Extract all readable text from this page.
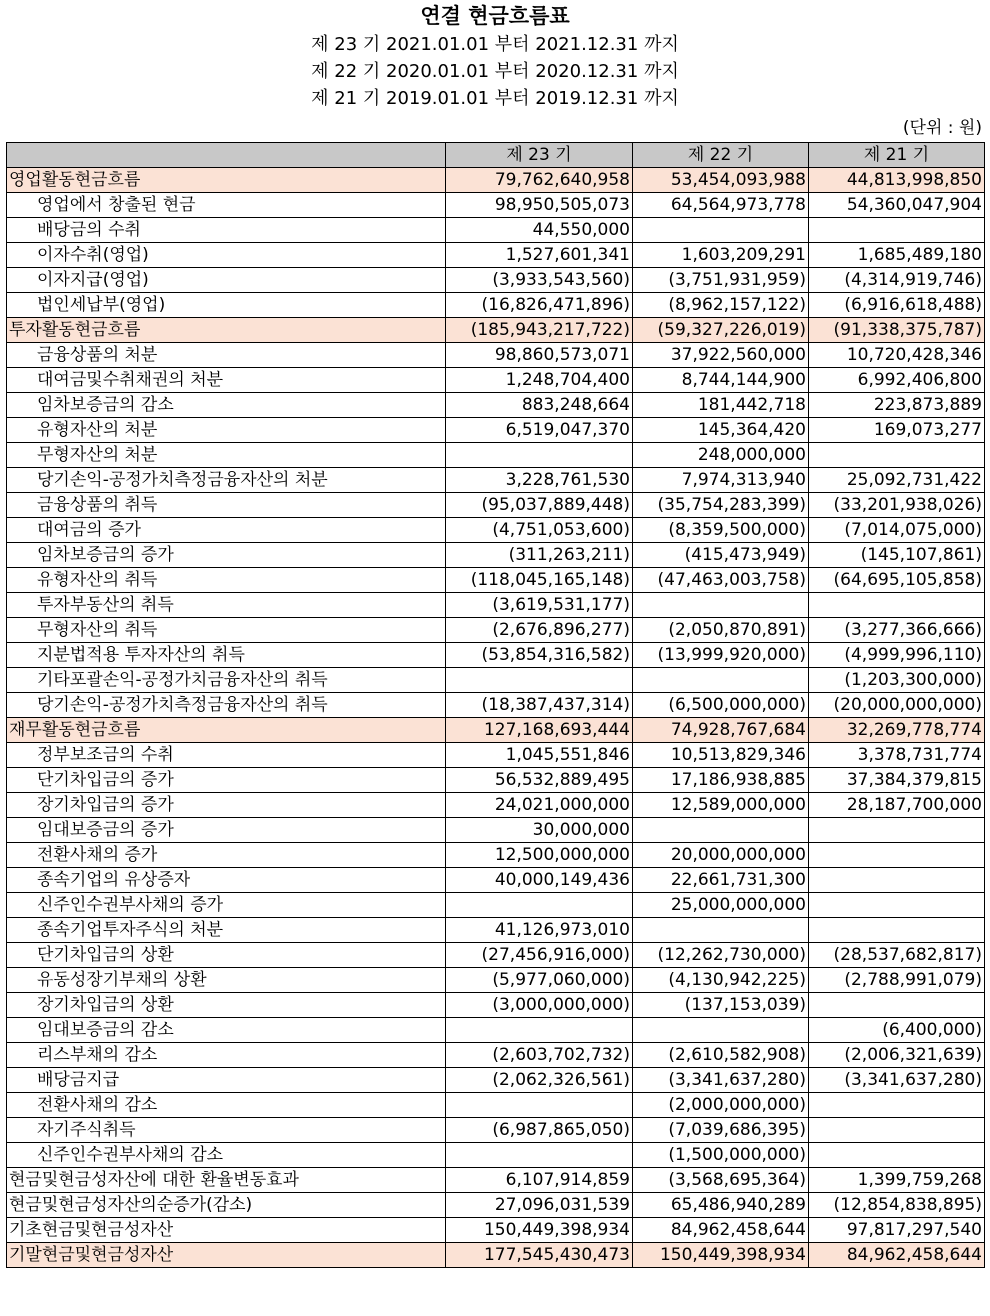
연결 현금흐름표
제 23 기 2021.01.01 부터 2021.12.31 까지
제 22 기 2020.01.01 부터 2020.12.31 까지
제 21 기 2019.01.01 부터 2019.12.31 까지
(단위 : 원)
	제 23 기	제 22 기	제 21 기
영업활동현금흐름	79,762,640,958	53,454,093,988	44,813,998,850
영업에서 창출된 현금	98,950,505,073	64,564,973,778	54,360,047,904
배당금의 수취	44,550,000		
이자수취(영업)	1,527,601,341	1,603,209,291	1,685,489,180
이자지급(영업)	(3,933,543,560)	(3,751,931,959)	(4,314,919,746)
법인세납부(영업)	(16,826,471,896)	(8,962,157,122)	(6,916,618,488)
투자활동현금흐름	(185,943,217,722)	(59,327,226,019)	(91,338,375,787)
금융상품의 처분	98,860,573,071	37,922,560,000	10,720,428,346
대여금및수취채권의 처분	1,248,704,400	8,744,144,900	6,992,406,800
임차보증금의 감소	883,248,664	181,442,718	223,873,889
유형자산의 처분	6,519,047,370	145,364,420	169,073,277
무형자산의 처분		248,000,000	
당기손익-공정가치측정금융자산의 처분	3,228,761,530	7,974,313,940	25,092,731,422
금융상품의 취득	(95,037,889,448)	(35,754,283,399)	(33,201,938,026)
대여금의 증가	(4,751,053,600)	(8,359,500,000)	(7,014,075,000)
임차보증금의 증가	(311,263,211)	(415,473,949)	(145,107,861)
유형자산의 취득	(118,045,165,148)	(47,463,003,758)	(64,695,105,858)
투자부동산의 취득	(3,619,531,177)		
무형자산의 취득	(2,676,896,277)	(2,050,870,891)	(3,277,366,666)
지분법적용 투자자산의 취득	(53,854,316,582)	(13,999,920,000)	(4,999,996,110)
기타포괄손익-공정가치금융자산의 취득			(1,203,300,000)
당기손익-공정가치측정금융자산의 취득	(18,387,437,314)	(6,500,000,000)	(20,000,000,000)
재무활동현금흐름	127,168,693,444	74,928,767,684	32,269,778,774
정부보조금의 수취	1,045,551,846	10,513,829,346	3,378,731,774
단기차입금의 증가	56,532,889,495	17,186,938,885	37,384,379,815
장기차입금의 증가	24,021,000,000	12,589,000,000	28,187,700,000
임대보증금의 증가	30,000,000		
전환사채의 증가	12,500,000,000	20,000,000,000	
종속기업의 유상증자	40,000,149,436	22,661,731,300	
신주인수권부사채의 증가		25,000,000,000	
종속기업투자주식의 처분	41,126,973,010		
단기차입금의 상환	(27,456,916,000)	(12,262,730,000)	(28,537,682,817)
유동성장기부채의 상환	(5,977,060,000)	(4,130,942,225)	(2,788,991,079)
장기차입금의 상환	(3,000,000,000)	(137,153,039)	
임대보증금의 감소			(6,400,000)
리스부채의 감소	(2,603,702,732)	(2,610,582,908)	(2,006,321,639)
배당금지급	(2,062,326,561)	(3,341,637,280)	(3,341,637,280)
전환사채의 감소		(2,000,000,000)	
자기주식취득	(6,987,865,050)	(7,039,686,395)	
신주인수권부사채의 감소		(1,500,000,000)	
현금및현금성자산에 대한 환율변동효과	6,107,914,859	(3,568,695,364)	1,399,759,268
현금및현금성자산의순증가(감소)	27,096,031,539	65,486,940,289	(12,854,838,895)
기초현금및현금성자산	150,449,398,934	84,962,458,644	97,817,297,540
기말현금및현금성자산	177,545,430,473	150,449,398,934	84,962,458,644
